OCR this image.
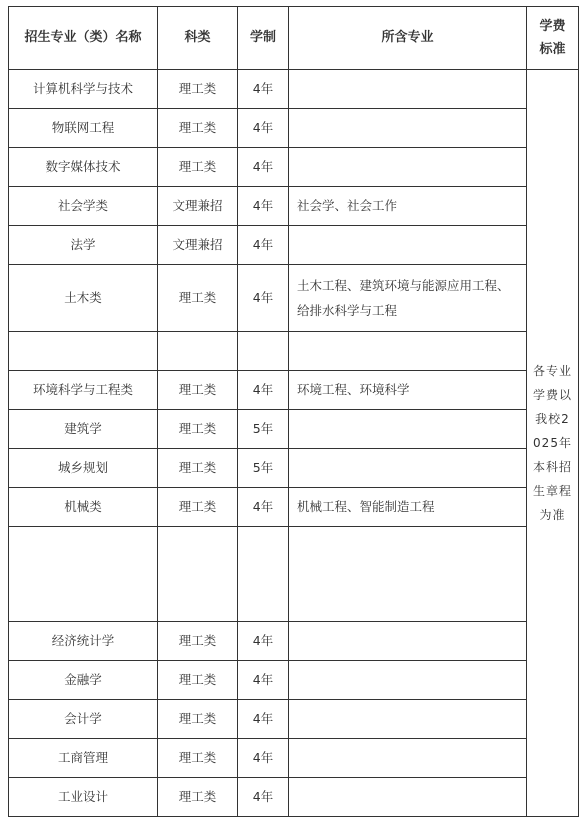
招生专业（类）名称	科类	学制	所含专业	学费
标准
计算机科学与技术	理工类	4年		各专业学费以我校2025年本科招生章程为准

物联网工程	理工类	4年		
数字媒体技术	理工类	4年		
社会学类	文理兼招	4年	社会学、社会工作	
法学	文理兼招	4年		
土木类	理工类	4年	土木工程、建筑环境与能源应用工程、给排水科学与工程	

环境科学与工程类	理工类	4年	环境工程、环境科学	
建筑学	理工类	5年		
城乡规划	理工类	5年		
机械类	理工类	4年	机械工程、智能制造工程	

经济统计学	理工类	4年		
金融学	理工类	4年		
会计学	理工类	4年		
工商管理	理工类	4年		
工业设计	理工类	4年		
